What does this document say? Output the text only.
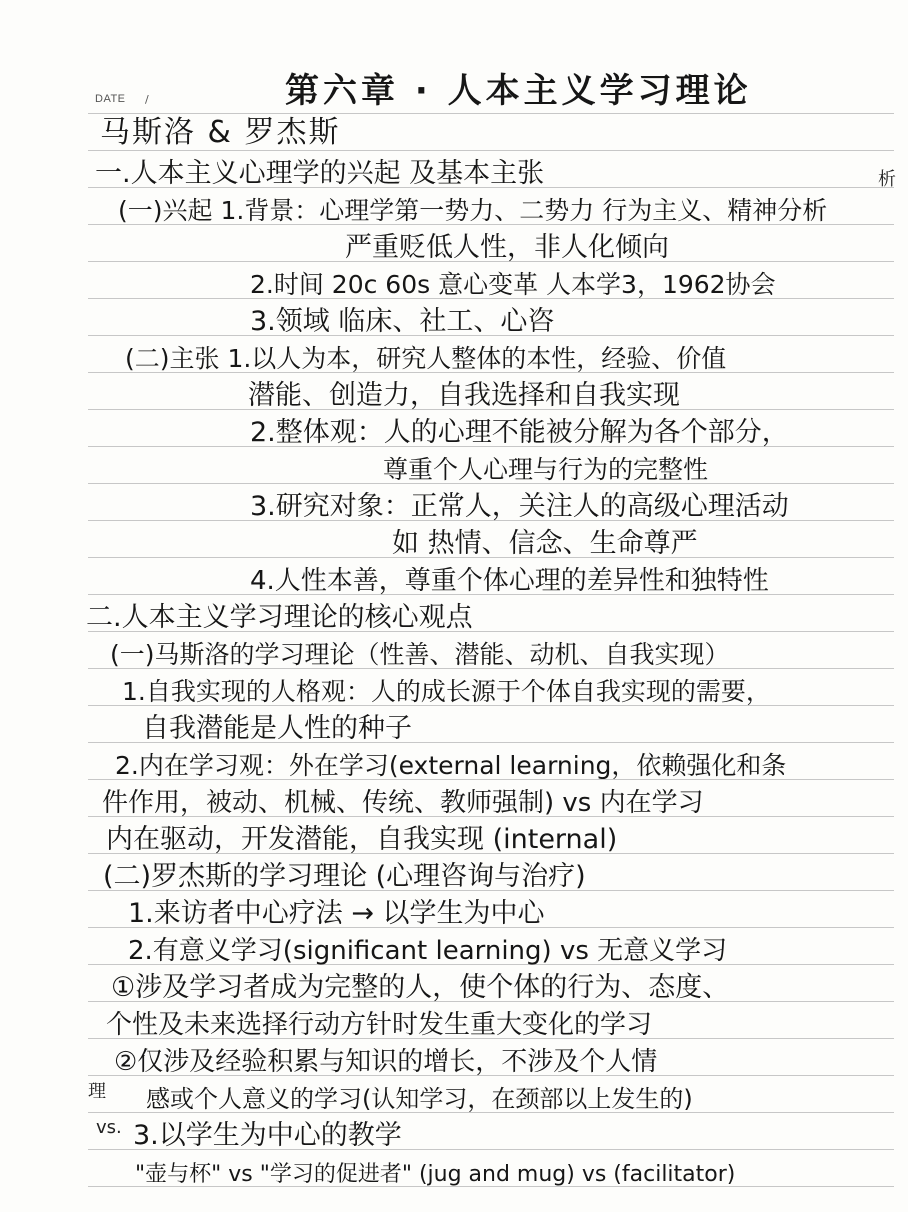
DATE /	第六章 · 人本主义学习理论
马斯洛 & 罗杰斯
一.人本主义心理学的兴起 及基本主张
(一)兴起 1.背景：心理学第一势力、二势力 行为主义、精神分析
严重贬低人性，非人化倾向
2.时间 20c 60s 意心变革 人本学3，1962协会
3.领域 临床、社工、心咨
(二)主张 1.以人为本，研究人整体的本性，经验、价值
潜能、创造力，自我选择和自我实现
2.整体观：人的心理不能被分解为各个部分，
尊重个人心理与行为的完整性
3.研究对象：正常人，关注人的高级心理活动
如 热情、信念、生命尊严
4.人性本善，尊重个体心理的差异性和独特性
二.人本主义学习理论的核心观点
(一)马斯洛的学习理论（性善、潜能、动机、自我实现）
1.自我实现的人格观：人的成长源于个体自我实现的需要，
自我潜能是人性的种子
2.内在学习观：外在学习(external learning，依赖强化和条
件作用，被动、机械、传统、教师强制) vs 内在学习
内在驱动，开发潜能，自我实现 (internal)
(二)罗杰斯的学习理论 (心理咨询与治疗)
1.来访者中心疗法 → 以学生为中心
2.有意义学习(significant learning) vs 无意义学习
①涉及学习者成为完整的人，使个体的行为、态度、
个性及未来选择行动方针时发生重大变化的学习
②仅涉及经验积累与知识的增长，不涉及个人情
感或个人意义的学习(认知学习，在颈部以上发生的)
3.以学生为中心的教学
"壶与杯" vs "学习的促进者" (jug and mug) vs (facilitator)
析
理
vs.
